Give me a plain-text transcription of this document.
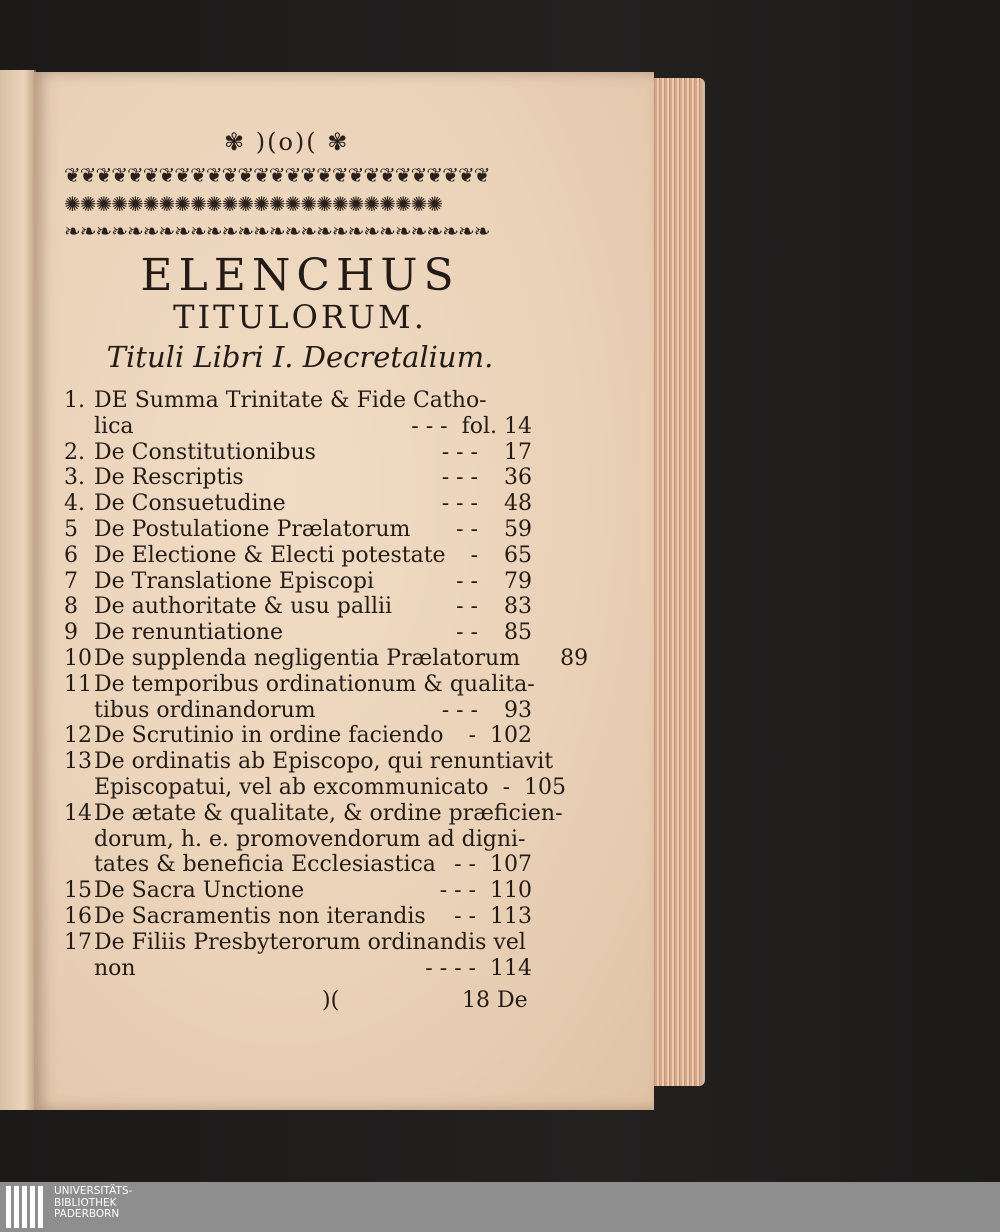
✾ )(o)( ✾
❦❦❦❦❦❦❦❦❦❦❦❦❦❦❦❦❦❦❦❦❦❦❦❦❦❦❦
✺✺✺✺✺✺✺✺✺✺✺✺✺✺✺✺✺✺✺✺✺✺✺✺
❧❧❧❧❧❧❧❧❧❧❧❧❧❧❧❧❧❧❧❧❧❧❧❧❧❧❧
ELENCHUS
TITULORUM.
Tituli Libri I. Decretalium.
1. DE Summa Trinitate & Fide Catho-
lica	- - - fol. 14
2. De Constitutionibus	- - -	17
3. De Rescriptis	- - -	36
4. De Consuetudine	- - -	48
5 De Postulatione Prælatorum	- -	59
6 De Electione & Electi potestate	-	65
7 De Translatione Episcopi	- -	79
8 De authoritate & usu pallii	- -	83
9 De renuntiatione	- -	85
10 De supplenda negligentia Prælatorum	89
11 De temporibus ordinationum & qualita-
tibus ordinandorum	- - -	93
12 De Scrutinio in ordine faciendo	- 102
13 De ordinatis ab Episcopo, qui renuntiavit
Episcopatui, vel ab excommunicato - 105
14 De ætate & qualitate, & ordine præficien-
dorum, h. e. promovendorum ad digni-
tates & beneficia Ecclesiastica - - 107
15 De Sacra Unctione	- - - 110
16 De Sacramentis non iterandis	- - 113
17 De Filiis Presbyterorum ordinandis vel
non	- - - - 114
)(	18 De
UNIVERSITÄTS-
BIBLIOTHEK
PADERBORN
